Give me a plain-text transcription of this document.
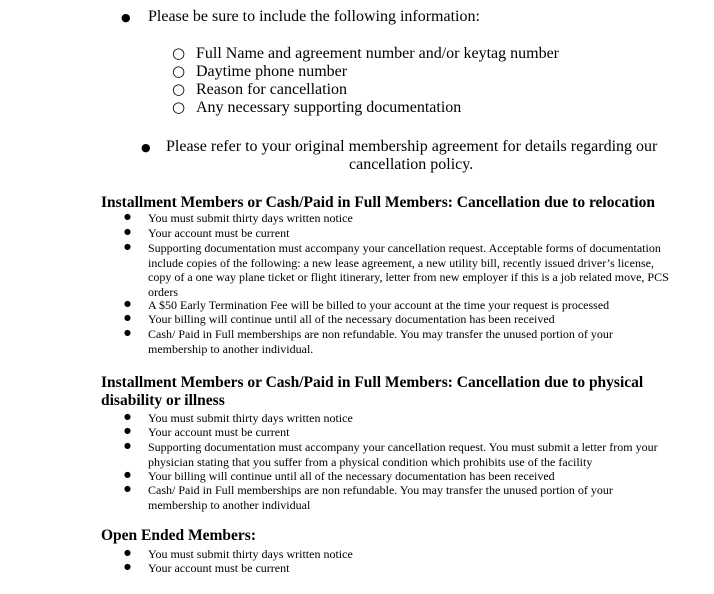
● Please be sure to include the following information:
○ Full Name and agreement number and/or keytag number
○ Daytime phone number
○ Reason for cancellation
○ Any necessary supporting documentation
● Please refer to your original membership agreement for details regarding our
cancellation policy.
Installment Members or Cash/Paid in Full Members: Cancellation due to relocation
● You must submit thirty days written notice
● Your account must be current
● Supporting documentation must accompany your cancellation request. Acceptable forms of documentation include copies of the following: a new lease agreement, a new utility bill, recently issued driver’s license, copy of a one way plane ticket or flight itinerary, letter from new employer if this is a job related move, PCS orders
● A $50 Early Termination Fee will be billed to your account at the time your request is processed
● Your billing will continue until all of the necessary documentation has been received
● Cash/ Paid in Full memberships are non refundable. You may transfer the unused portion of your membership to another individual.
Installment Members or Cash/Paid in Full Members: Cancellation due to physical
disability or illness
● You must submit thirty days written notice
● Your account must be current
● Supporting documentation must accompany your cancellation request. You must submit a letter from your physician stating that you suffer from a physical condition which prohibits use of the facility
● Your billing will continue until all of the necessary documentation has been received
● Cash/ Paid in Full memberships are non refundable. You may transfer the unused portion of your membership to another individual
Open Ended Members:
● You must submit thirty days written notice
● Your account must be current
